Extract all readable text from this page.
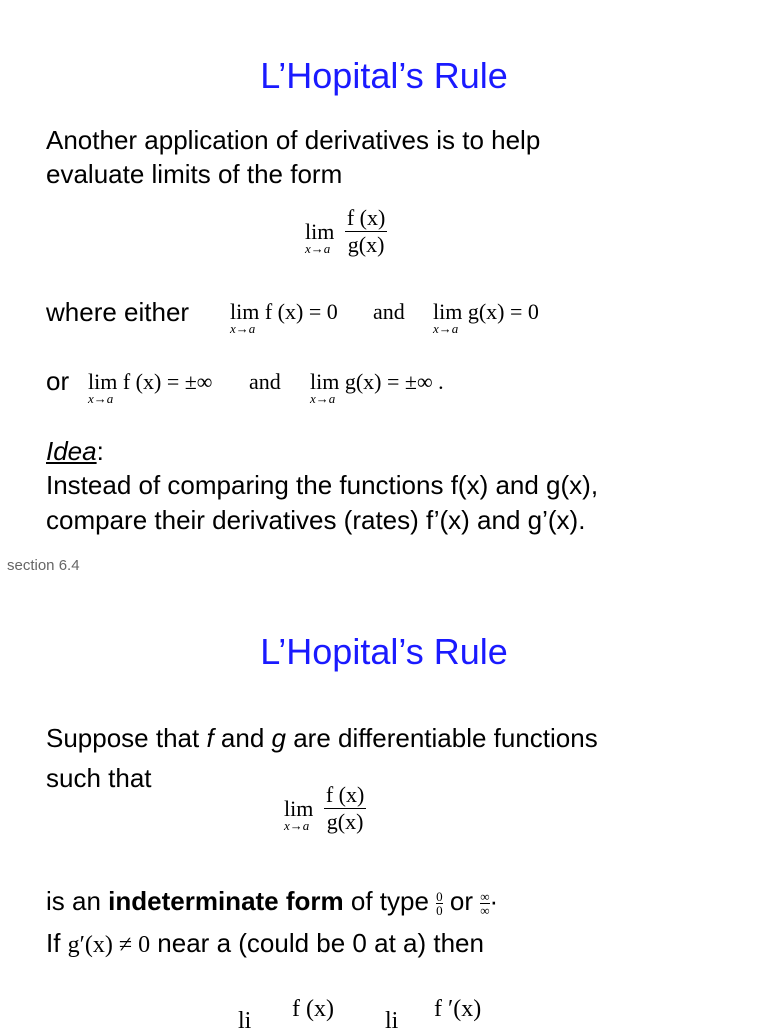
L’Hopital’s Rule
Another application of derivatives is to help
evaluate limits of the form
lim
x→a
$\frac{f (x)}{g(x)}$
where either lim
x→a
f (x) = 0 and lim
x→a
g(x) = 0
or lim
x→a
f (x) = ±∞ and lim
x→a
g(x) = ±∞ .
Idea:
Instead of comparing the functions f(x) and g(x),
compare their derivatives (rates) f’(x) and g’(x).
section 6.4
L’Hopital’s Rule
Suppose that f and g are differentiable functions
such that
lim
x→a
$\frac{f (x)}{g(x)}$
is an indeterminate form of type $\frac{0}{0}$ or $\frac{\infty}{\infty}$ ·
If g′(x) ≠ 0 near a (could be 0 at a) then
li f (x) li f ′(x)
